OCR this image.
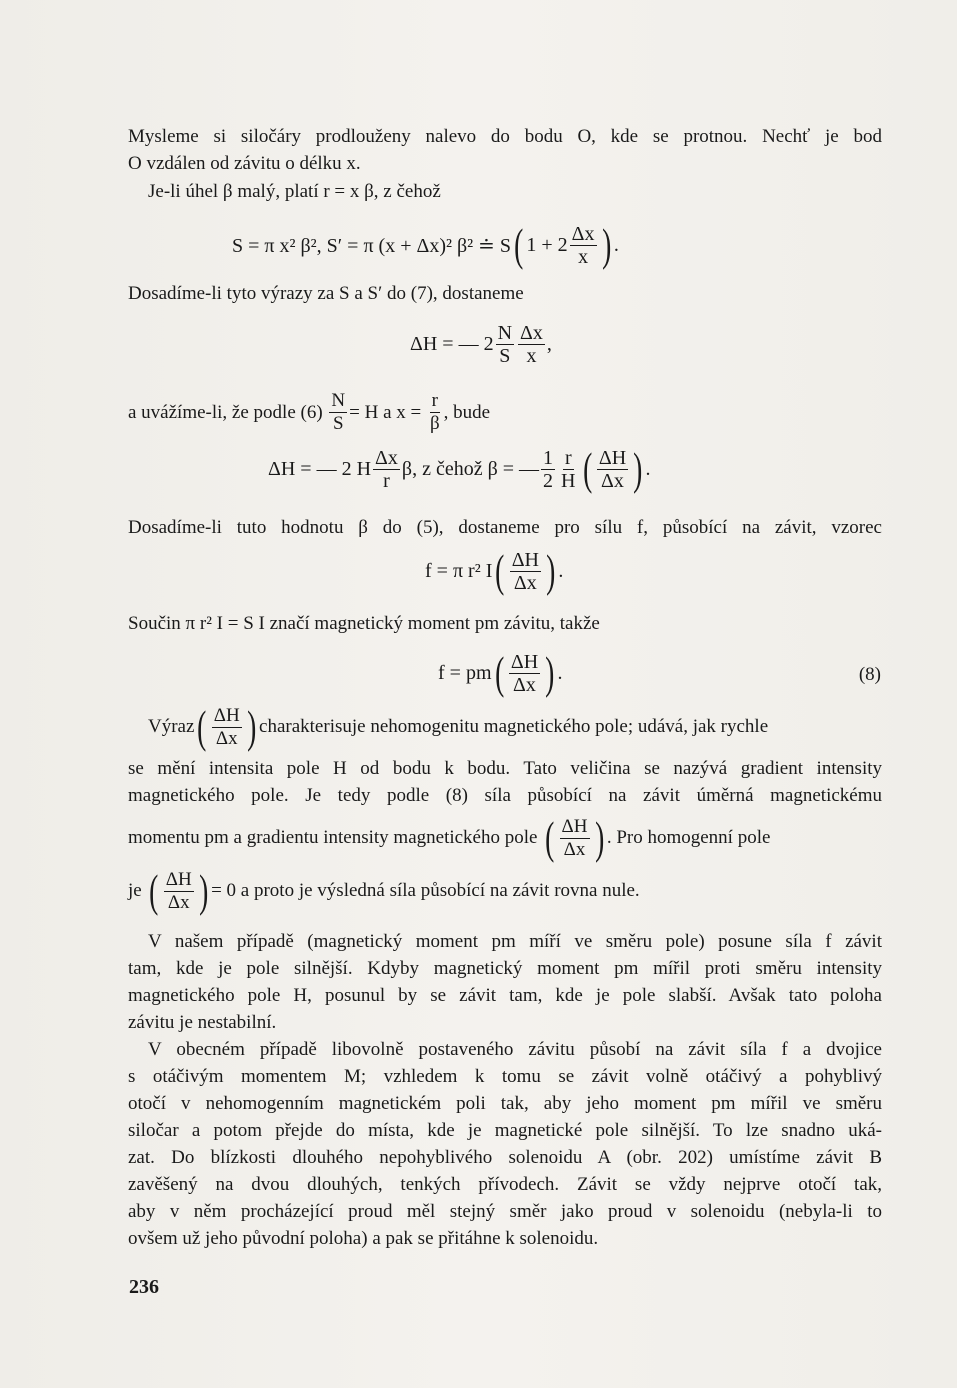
Mysleme si siločáry prodlouženy nalevo do bodu O, kde se protnou. Nechť je bod
O vzdálen od závitu o délku x.
Je-li úhel β malý, platí r = x β, z čehož
S = π x² β², S′ = π (x + Δx)² β² ≐ S ( $1 + 2 \frac{\Delta x}{x}$ ) .
Dosadíme-li tyto výrazy za S a S′ do (7), dostaneme
ΔH = — $2 \frac{N}{S} \frac{\Delta x}{x}$ ,
a uvážíme-li, že podle (6)
$\frac{N}{S} = H$ a x =
$\frac{r}{\beta}$ , bude
ΔH = — 2 H $\frac{\Delta x}{r} \beta$, z čehož β = — $\frac{1}{2} \frac{r}{H}$ ( $\frac{\Delta H}{\Delta x}$ ) .
Dosadíme-li tuto hodnotu β do (5), dostaneme pro sílu f, působící na závit, vzorec
f = π r² I ( $\frac{\Delta H}{\Delta x}$ ) .
Součin π r² I = S I značí magnetický moment pm závitu, takže
f = pm ( $\frac{\Delta H}{\Delta x}$ ) .	(8)
Výraz ( $\frac{\Delta H}{\Delta x}$ ) charakterisuje nehomogenitu magnetického pole; udává, jak rychle
se mění intensita pole H od bodu k bodu. Tato veličina se nazývá gradient intensity
magnetického pole. Je tedy podle (8) síla působící na závit úměrná magnetickému
momentu pm a gradientu intensity magnetického pole
( $\frac{\Delta H}{\Delta x}$ ) . Pro homogenní pole
je
( $\frac{\Delta H}{\Delta x}$ ) = 0 a proto je výsledná síla působící na závit rovna nule.
V našem případě (magnetický moment pm míří ve směru pole) posune síla f závit
tam, kde je pole silnější. Kdyby magnetický moment pm mířil proti směru intensity
magnetického pole H, posunul by se závit tam, kde je pole slabší. Avšak tato poloha
závitu je nestabilní.
V obecném případě libovolně postaveného závitu působí na závit síla f a dvojice
s otáčivým momentem M; vzhledem k tomu se závit volně otáčivý a pohyblivý
otočí v nehomogenním magnetickém poli tak, aby jeho moment pm mířil ve směru
siločar a potom přejde do místa, kde je magnetické pole silnější. To lze snadno uká-
zat. Do blízkosti dlouhého nepohyblivého solenoidu A (obr. 202) umístíme závit B
zavěšený na dvou dlouhých, tenkých přívodech. Závit se vždy nejprve otočí tak,
aby v něm procházející proud měl stejný směr jako proud v solenoidu (nebyla-li to
ovšem už jeho původní poloha) a pak se přitáhne k solenoidu.
236
